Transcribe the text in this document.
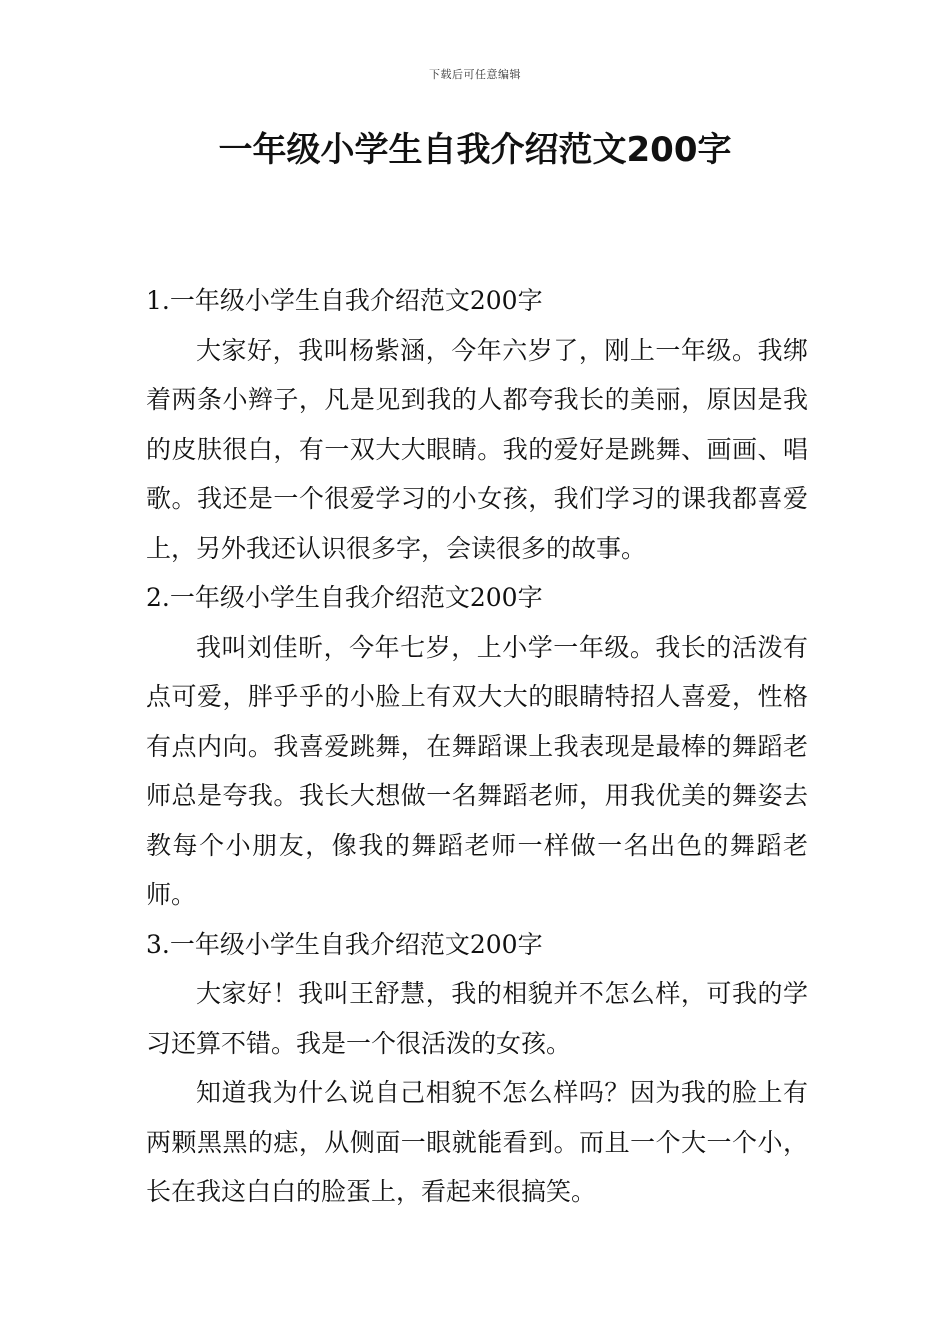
下载后可任意编辑
一年级小学生自我介绍范文200字

1.一年级小学生自我介绍范文200字

大家好，我叫杨紫涵，今年六岁了，刚上一年级。我绑着两条小辫子，凡是见到我的人都夸我长的美丽，原因是我的皮肤很白，有一双大大眼睛。我的爱好是跳舞、画画、唱歌。我还是一个很爱学习的小女孩，我们学习的课我都喜爱上，另外我还认识很多字，会读很多的故事。

2.一年级小学生自我介绍范文200字

我叫刘佳昕，今年七岁，上小学一年级。我长的活泼有点可爱，胖乎乎的小脸上有双大大的眼睛特招人喜爱，性格有点内向。我喜爱跳舞，在舞蹈课上我表现是最棒的舞蹈老师总是夸我。我长大想做一名舞蹈老师，用我优美的舞姿去教每个小朋友，像我的舞蹈老师一样做一名出色的舞蹈老师。

3.一年级小学生自我介绍范文200字

大家好！我叫王舒慧，我的相貌并不怎么样，可我的学习还算不错。我是一个很活泼的女孩。

知道我为什么说自己相貌不怎么样吗？因为我的脸上有两颗黑黑的痣，从侧面一眼就能看到。而且一个大一个小，长在我这白白的脸蛋上，看起来很搞笑。
